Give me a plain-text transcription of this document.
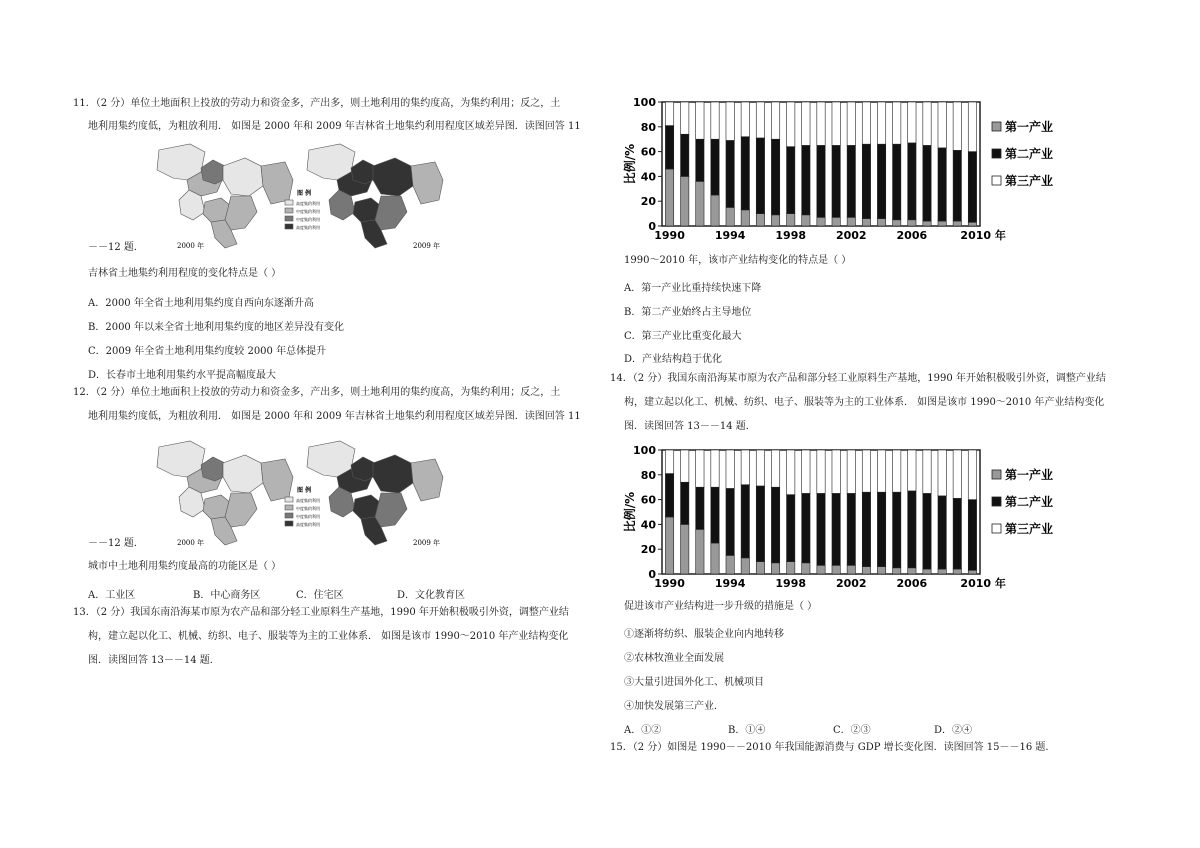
11．（2 分）单位土地面积上投放的劳动力和资金多，产出多，则土地利用的集约度高，为集约利用；反之，土
地利用集约度低，为粗放利用． 如图是 2000 年和 2009 年吉林省土地集约利用程度区域差异图．读图回答 11
图 例
高度集约利用
中度集约利用
中度集约利用
高度集约利用
2000 年	2009 年
－－12 题．
吉林省土地集约利用程度的变化特点是（ ）
A．2000 年全省土地利用集约度自西向东逐渐升高
B．2000 年以来全省土地利用集约度的地区差异没有变化
C．2009 年全省土地利用集约度较 2000 年总体提升
D．长春市土地利用集约水平提高幅度最大
12．（2 分）单位土地面积上投放的劳动力和资金多，产出多，则土地利用的集约度高，为集约利用；反之，土
地利用集约度低，为粗放利用． 如图是 2000 年和 2009 年吉林省土地集约利用程度区域差异图．读图回答 11
图 例
高度集约利用
中度集约利用
中度集约利用
高度集约利用
2000 年	2009 年
－－12 题．
城市中土地利用集约度最高的功能区是（ ）
A．工业区	B．中心商务区	C．住宅区	D．文化教育区
13．（2 分）我国东南沿海某市原为农产品和部分轻工业原料生产基地，1990 年开始积极吸引外资，调整产业结
构，建立起以化工、机械、纺织、电子、服装等为主的工业体系． 如图是该市 1990～2010 年产业结构变化
图．读图回答 13－－14 题．
0
20
40
60
80
100
比例/%
1990	1994	1998	2002	2006	2010 年
第一产业
第二产业
第三产业
1990～2010 年，该市产业结构变化的特点是（ ）
A．第一产业比重持续快速下降
B．第二产业始终占主导地位
C．第三产业比重变化最大
D．产业结构趋于优化
14．（2 分）我国东南沿海某市原为农产品和部分轻工业原料生产基地，1990 年开始积极吸引外资，调整产业结
构，建立起以化工、机械、纺织、电子、服装等为主的工业体系． 如图是该市 1990～2010 年产业结构变化
图．读图回答 13－－14 题．
0
20
40
60
80
100
比例/%
1990	1994	1998	2002	2006	2010 年
第一产业
第二产业
第三产业
促进该市产业结构进一步升级的措施是（ ）
①逐渐将纺织、服装企业向内地转移
②农林牧渔业全面发展
③大量引进国外化工、机械项目
④加快发展第三产业．
A．①②	B．①④	C．②③	D．②④
15．（2 分）如图是 1990－－2010 年我国能源消费与 GDP 增长变化图．读图回答 15－－16 题．
